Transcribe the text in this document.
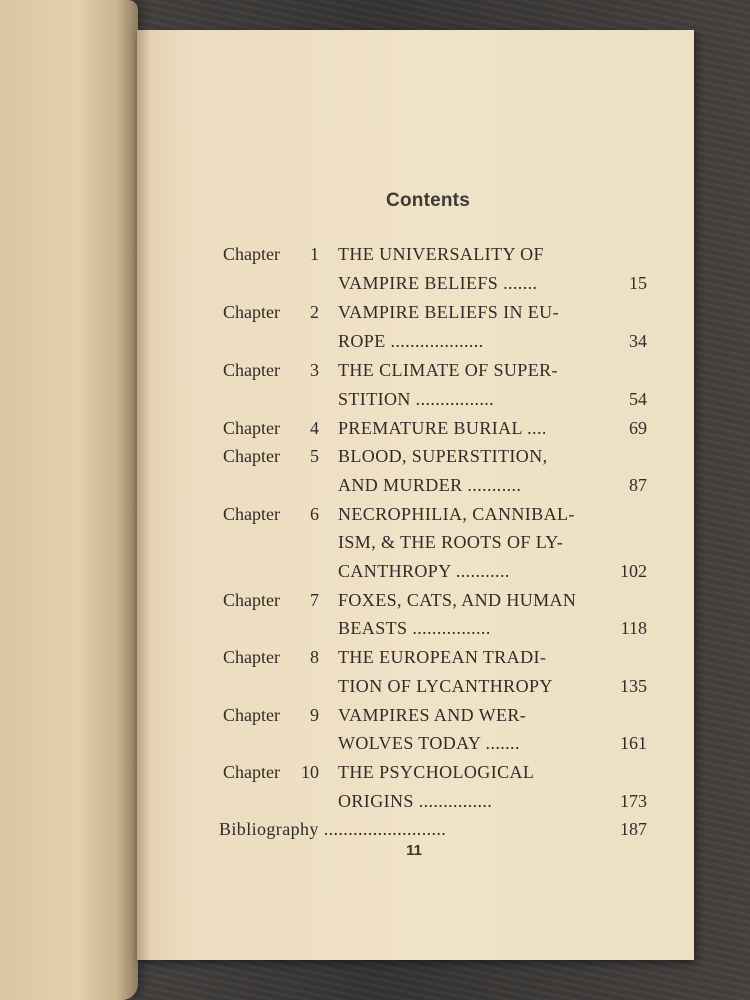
Contents
Chapter	1 THE UNIVERSALITY OF
VAMPIRE BELIEFS .......	15
Chapter	2 VAMPIRE BELIEFS IN EU-
ROPE ...................	34
Chapter	3 THE CLIMATE OF SUPER-
STITION ................	54
Chapter	4 PREMATURE BURIAL ....	69
Chapter	5 BLOOD, SUPERSTITION,
AND MURDER ...........	87
Chapter	6 NECROPHILIA, CANNIBAL-
ISM, & THE ROOTS OF LY-
CANTHROPY ...........	102
Chapter	7 FOXES, CATS, AND HUMAN
BEASTS ................	118
Chapter	8 THE EUROPEAN TRADI-
TION OF LYCANTHROPY	135
Chapter	9 VAMPIRES AND WER-
WOLVES TODAY .......	161
Chapter	10 THE PSYCHOLOGICAL
ORIGINS ...............	173
Bibliography .........................	187
11
